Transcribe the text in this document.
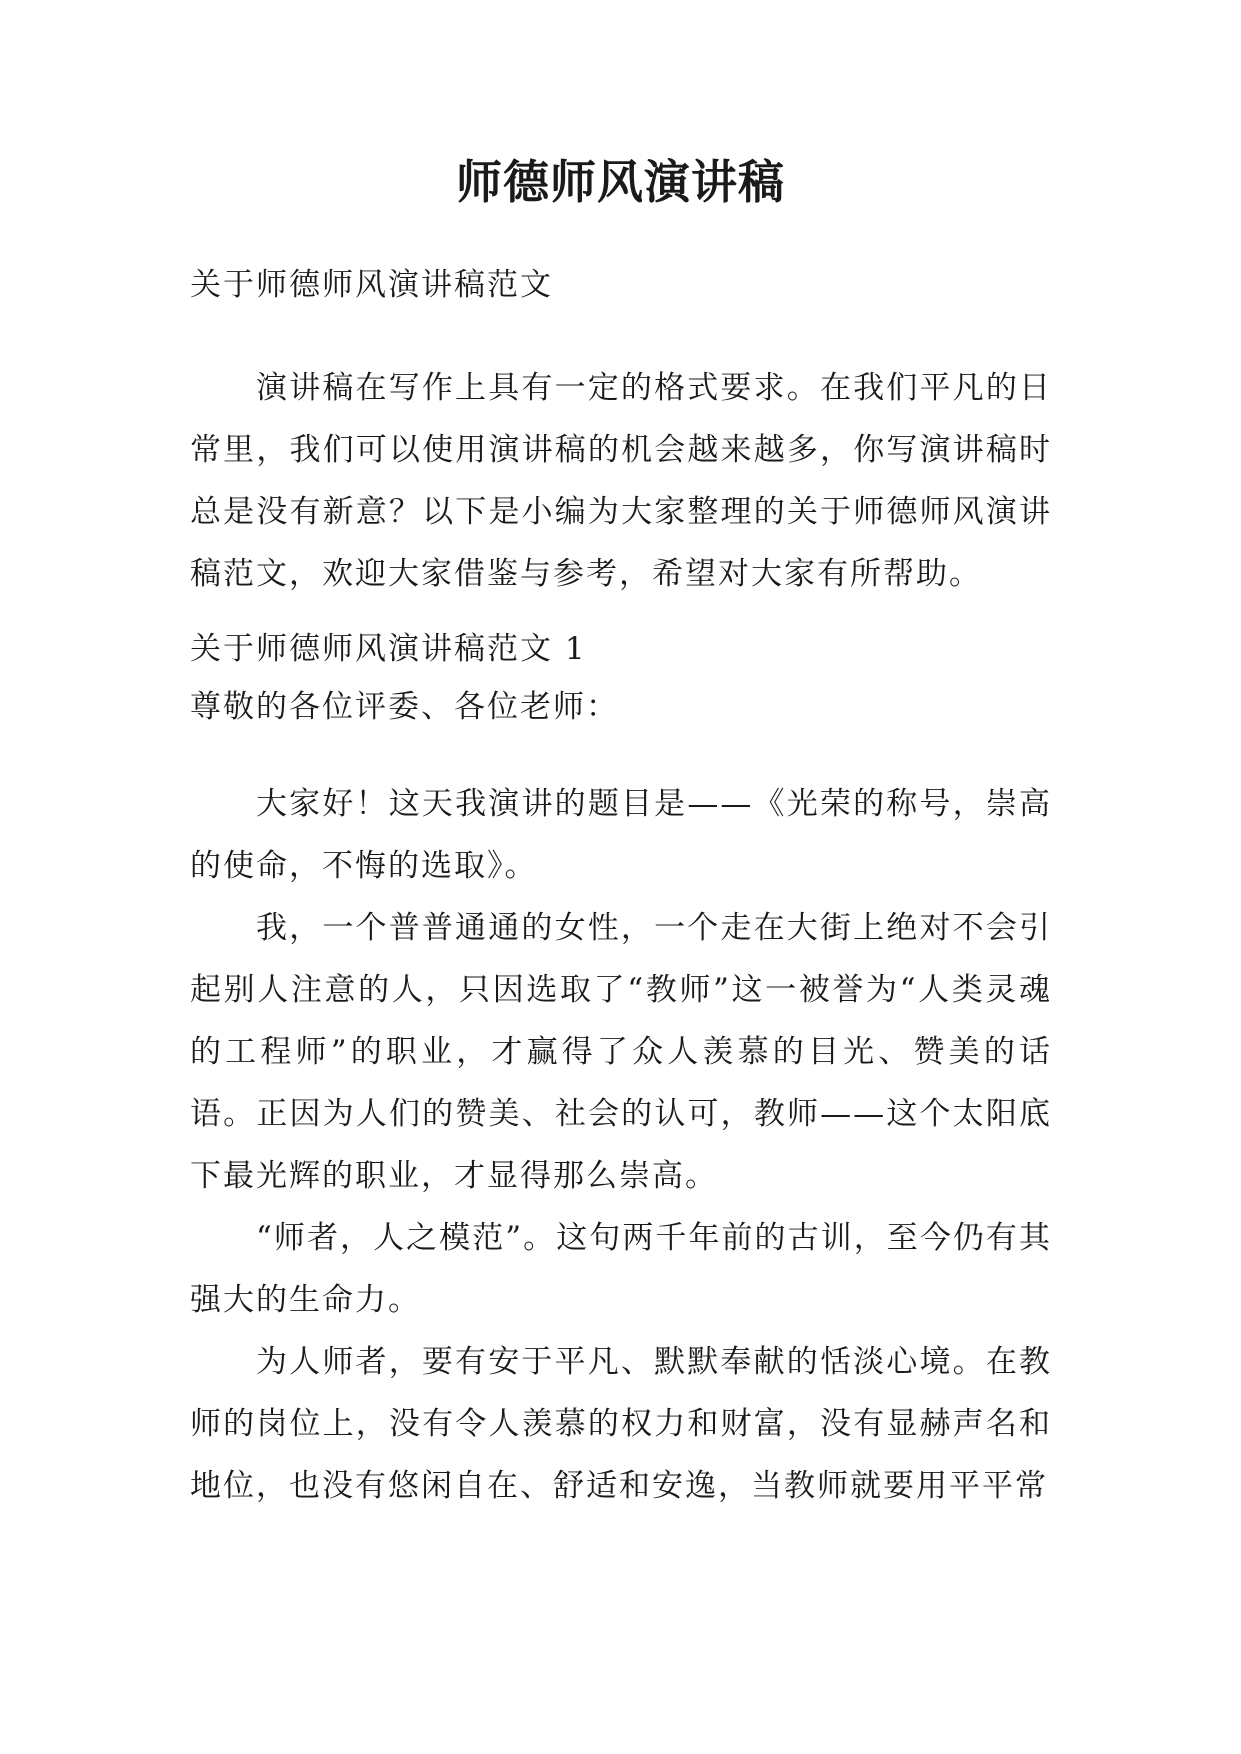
师德师风演讲稿

关于师德师风演讲稿范文

演讲稿在写作上具有一定的格式要求。在我们平凡的日常里，我们可以使用演讲稿的机会越来越多，你写演讲稿时总是没有新意？以下是小编为大家整理的关于师德师风演讲稿范文，欢迎大家借鉴与参考，希望对大家有所帮助。

关于师德师风演讲稿范文 1

尊敬的各位评委、各位老师：

大家好！这天我演讲的题目是——《光荣的称号，崇高的使命，不悔的选取》。

我，一个普普通通的女性，一个走在大街上绝对不会引起别人注意的人，只因选取了“教师”这一被誉为“人类灵魂的工程师”的职业，才赢得了众人羡慕的目光、赞美的话语。正因为人们的赞美、社会的认可，教师——这个太阳底下最光辉的职业，才显得那么崇高。

“师者，人之模范”。这句两千年前的古训，至今仍有其强大的生命力。

为人师者，要有安于平凡、默默奉献的恬淡心境。在教师的岗位上，没有令人羡慕的权力和财富，没有显赫声名和地位，也没有悠闲自在、舒适和安逸，当教师就要用平平常
